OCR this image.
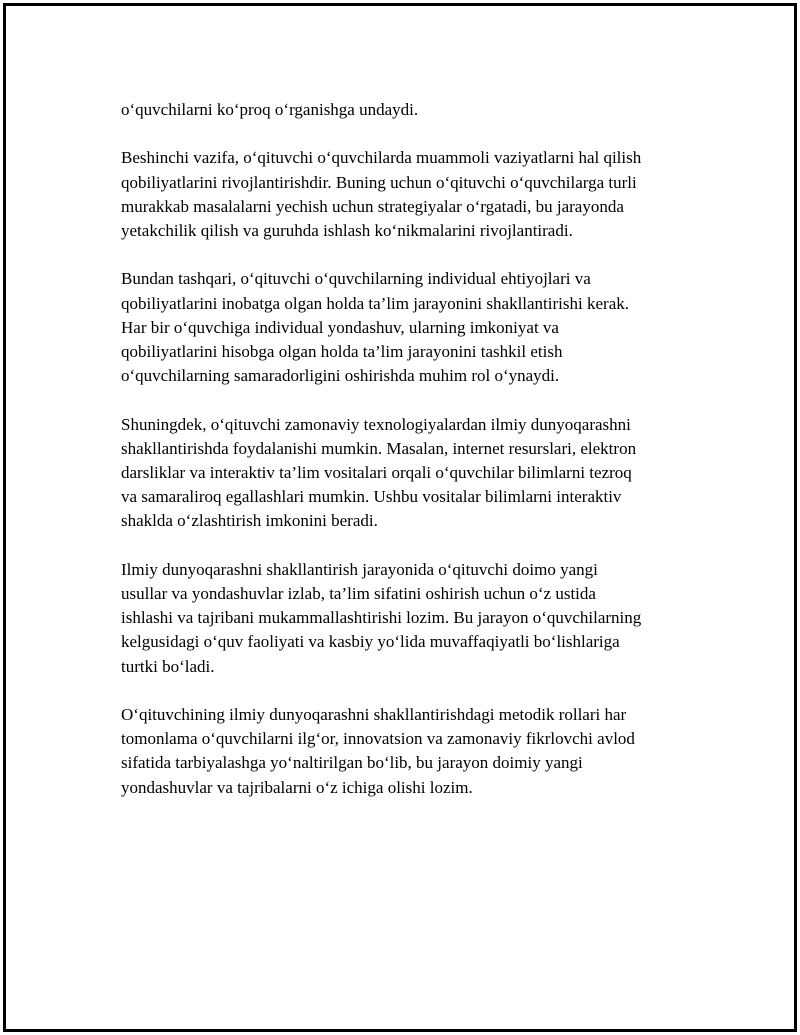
o‘quvchilarni ko‘proq o‘rganishga undaydi.

Beshinchi vazifa, o‘qituvchi o‘quvchilarda muammoli vaziyatlarni hal qilish
qobiliyatlarini rivojlantirishdir. Buning uchun o‘qituvchi o‘quvchilarga turli
murakkab masalalarni yechish uchun strategiyalar o‘rgatadi, bu jarayonda
yetakchilik qilish va guruhda ishlash ko‘nikmalarini rivojlantiradi.

Bundan tashqari, o‘qituvchi o‘quvchilarning individual ehtiyojlari va
qobiliyatlarini inobatga olgan holda ta’lim jarayonini shakllantirishi kerak.
Har bir o‘quvchiga individual yondashuv, ularning imkoniyat va
qobiliyatlarini hisobga olgan holda ta’lim jarayonini tashkil etish
o‘quvchilarning samaradorligini oshirishda muhim rol o‘ynaydi.

Shuningdek, o‘qituvchi zamonaviy texnologiyalardan ilmiy dunyoqarashni
shakllantirishda foydalanishi mumkin. Masalan, internet resurslari, elektron
darsliklar va interaktiv ta’lim vositalari orqali o‘quvchilar bilimlarni tezroq
va samaraliroq egallashlari mumkin. Ushbu vositalar bilimlarni interaktiv
shaklda o‘zlashtirish imkonini beradi.

Ilmiy dunyoqarashni shakllantirish jarayonida o‘qituvchi doimo yangi
usullar va yondashuvlar izlab, ta’lim sifatini oshirish uchun o‘z ustida
ishlashi va tajribani mukammallashtirishi lozim. Bu jarayon o‘quvchilarning
kelgusidagi o‘quv faoliyati va kasbiy yo‘lida muvaffaqiyatli bo‘lishlariga
turtki bo‘ladi.

O‘qituvchining ilmiy dunyoqarashni shakllantirishdagi metodik rollari har
tomonlama o‘quvchilarni ilg‘or, innovatsion va zamonaviy fikrlovchi avlod
sifatida tarbiyalashga yo‘naltirilgan bo‘lib, bu jarayon doimiy yangi
yondashuvlar va tajribalarni o‘z ichiga olishi lozim.
